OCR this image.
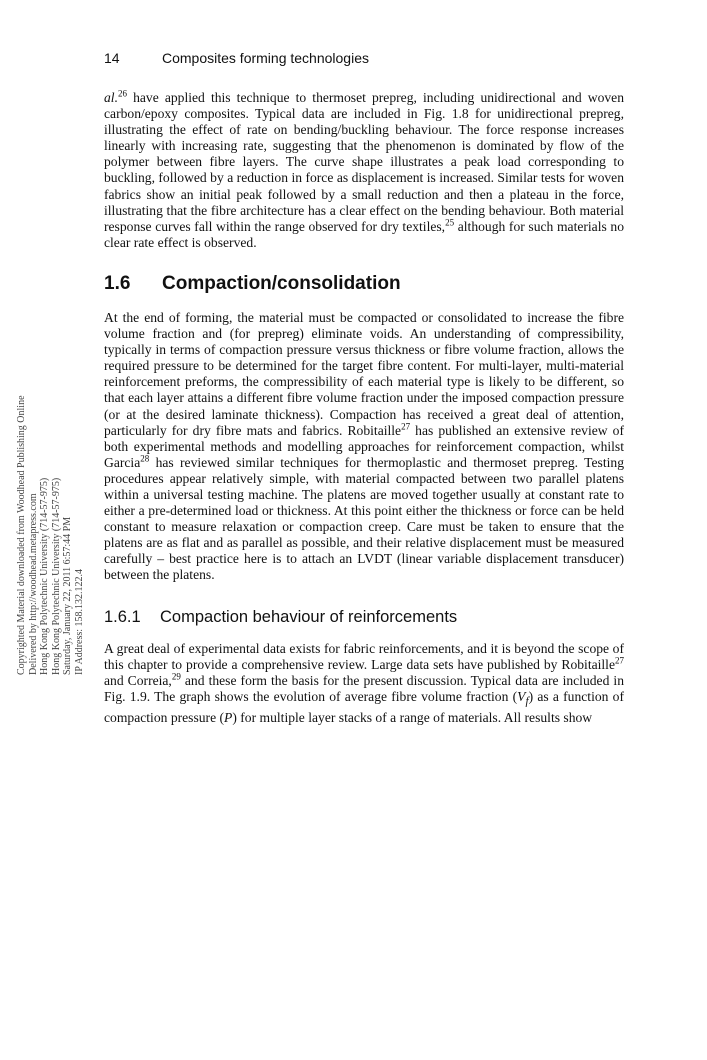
14	Composites forming technologies
Copyrighted Material downloaded from Woodhead Publishing Online Delivered by http://woodhead.metapress.com Hong Kong Polytechnic University (714-57-975) Hong Kong Polytechnic University (714-57-975) Saturday, January 22, 2011 6:57:44 PM IP Address: 158.132.122.4

al.$^{26}$ have applied this technique to thermoset prepreg, including unidirectional and woven carbon/epoxy composites. Typical data are included in Fig. 1.8 for unidirectional prepreg, illustrating the effect of rate on bending/buckling behaviour. The force response increases linearly with increasing rate, suggesting that the phenomenon is dominated by flow of the polymer between fibre layers. The curve shape illustrates a peak load corresponding to buckling, followed by a reduction in force as displacement is increased. Similar tests for woven fabrics show an initial peak followed by a small reduction and then a plateau in the force, illustrating that the fibre architecture has a clear effect on the bending behaviour. Both material response curves fall within the range observed for dry textiles,$^{25}$ although for such materials no clear rate effect is observed.

1.6 Compaction/consolidation

At the end of forming, the material must be compacted or consolidated to increase the fibre volume fraction and (for prepreg) eliminate voids. An understanding of compressibility, typically in terms of compaction pressure versus thickness or fibre volume fraction, allows the required pressure to be determined for the target fibre content. For multi-layer, multi-material reinforcement preforms, the compressibility of each material type is likely to be different, so that each layer attains a different fibre volume fraction under the imposed compaction pressure (or at the desired laminate thickness). Compaction has received a great deal of attention, particularly for dry fibre mats and fabrics. Robitaille$^{27}$ has published an extensive review of both experimental methods and modelling approaches for reinforcement compaction, whilst Garcia$^{28}$ has reviewed similar techniques for thermoplastic and thermoset prepreg. Testing procedures appear relatively simple, with material compacted between two parallel platens within a universal testing machine. The platens are moved together usually at constant rate to either a pre-determined load or thickness. At this point either the thickness or force can be held constant to measure relaxation or compaction creep. Care must be taken to ensure that the platens are as flat and as parallel as possible, and their relative displacement must be measured carefully – best practice here is to attach an LVDT (linear variable displacement transducer) between the platens.

1.6.1 Compaction behaviour of reinforcements

A great deal of experimental data exists for fabric reinforcements, and it is beyond the scope of this chapter to provide a comprehensive review. Large data sets have published by Robitaille$^{27}$ and Correia,$^{29}$ and these form the basis for the present discussion. Typical data are included in Fig. 1.9. The graph shows the evolution of average fibre volume fraction $(V_f)$ as a function of compaction pressure (P) for multiple layer stacks of a range of materials. All results show
